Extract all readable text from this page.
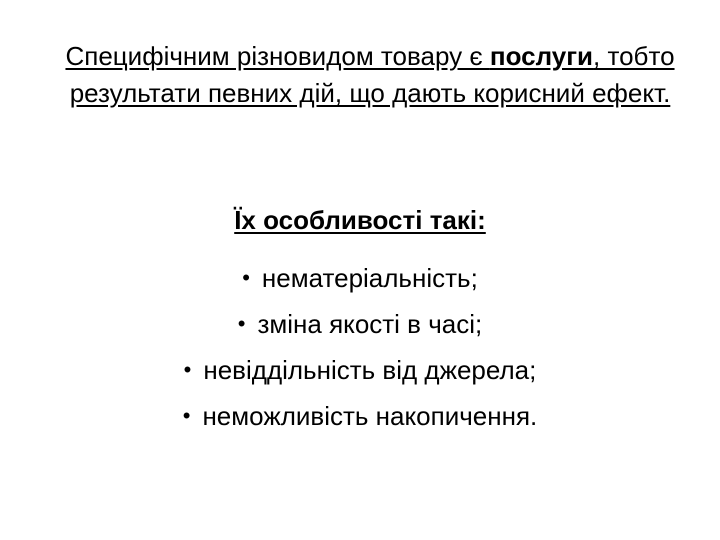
Специфічним різновидом товару є послуги, тобто результати певних дій, що дають корисний ефект.

Їх особливості такі:

• нематеріальність;
• зміна якості в часі;
• невіддільність від джерела;
• неможливість накопичення.
